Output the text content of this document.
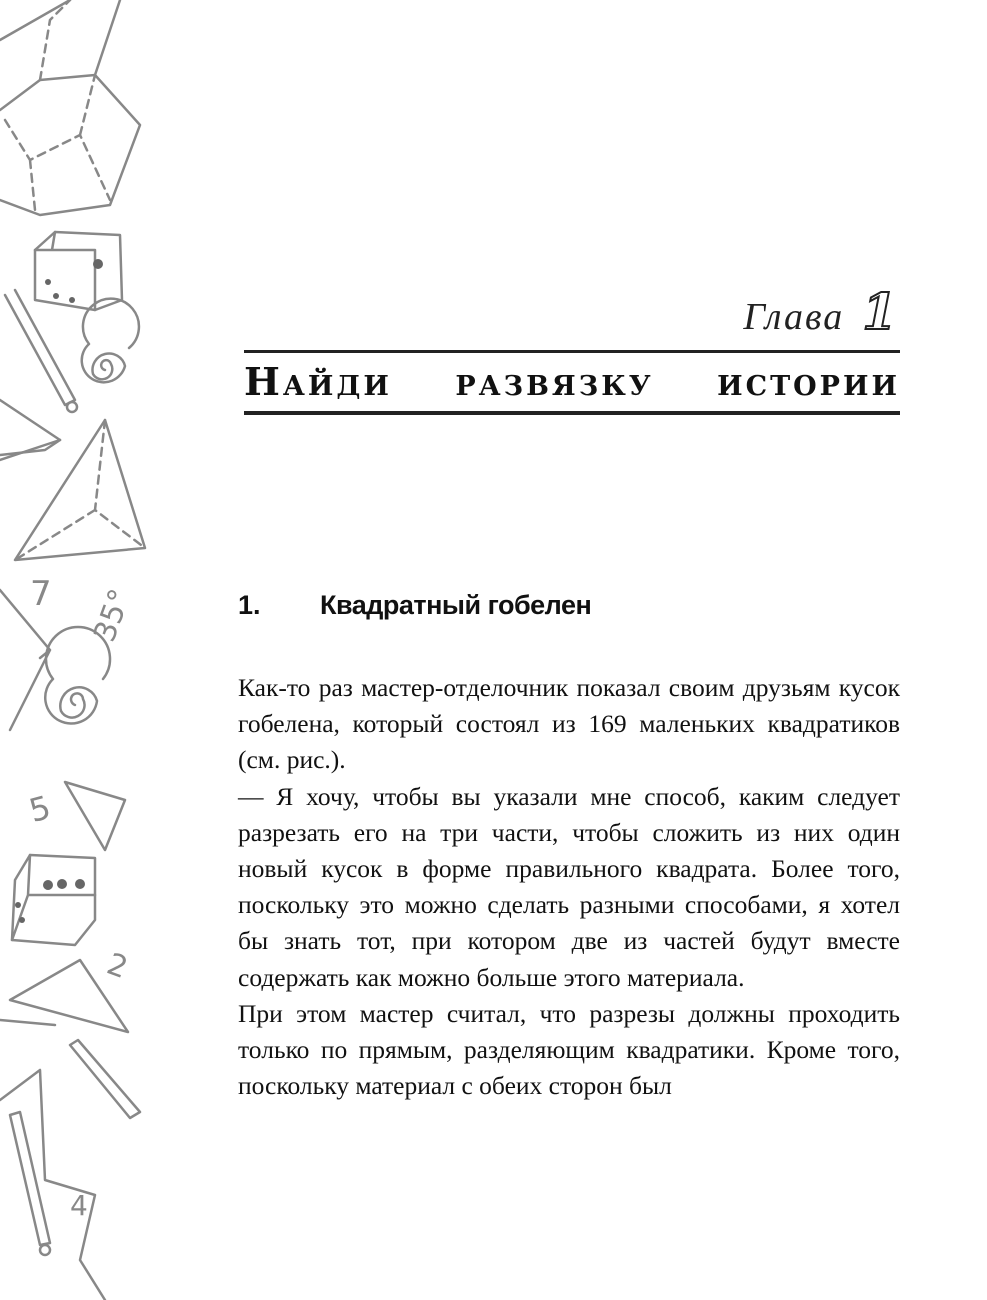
7 35°
5
2
4
Глава 1
Найди развязку истории
1.	Квадратный гобелен

Как-то раз мастер-отделочник показал своим друзьям кусок гобелена, который состоял из 169 маленьких квадратиков (см. рис.).

— Я хочу, чтобы вы указали мне способ, каким следует разрезать его на три части, чтобы сложить из них один новый кусок в форме правильного квадрата. Более того, поскольку это можно сделать разными способами, я хотел бы знать тот, при котором две из частей будут вместе содержать как можно больше этого материала.

При этом мастер считал, что разрезы должны проходить только по прямым, разделяющим квадратики. Кроме того, поскольку материал с обеих сторон был
